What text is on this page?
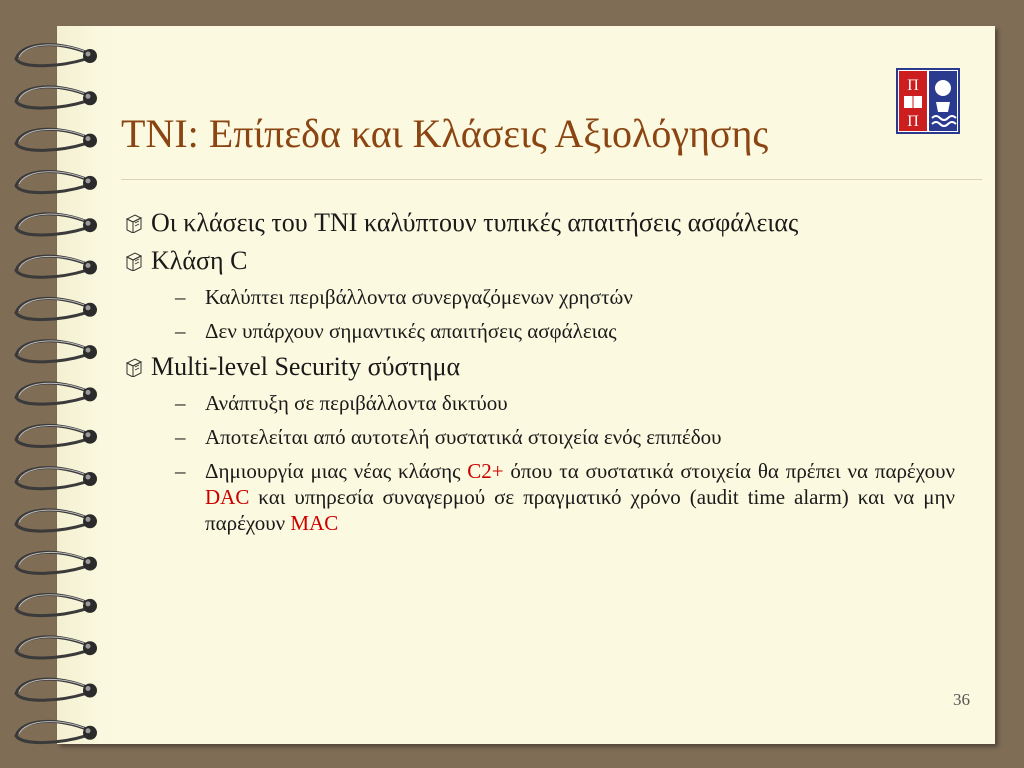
TNI: Επίπεδα και Κλάσεις Αξιολόγησης
Π
Π
Οι κλάσεις του TNI καλύπτουν τυπικές απαιτήσεις ασφάλειας
Κλάση C
– Καλύπτει περιβάλλοντα συνεργαζόμενων χρηστών
– Δεν υπάρχουν σημαντικές απαιτήσεις ασφάλειας
Multi-level Security σύστημα
– Ανάπτυξη σε περιβάλλοντα δικτύου
– Αποτελείται από αυτοτελή συστατικά στοιχεία ενός επιπέδου
– Δημιουργία μιας νέας κλάσης C2+ όπου τα συστατικά στοιχεία θα πρέπει να παρέχουν DAC και υπηρεσία συναγερμού σε πραγματικό χρόνο (audit time alarm) και να μην παρέχουν MAC
36
